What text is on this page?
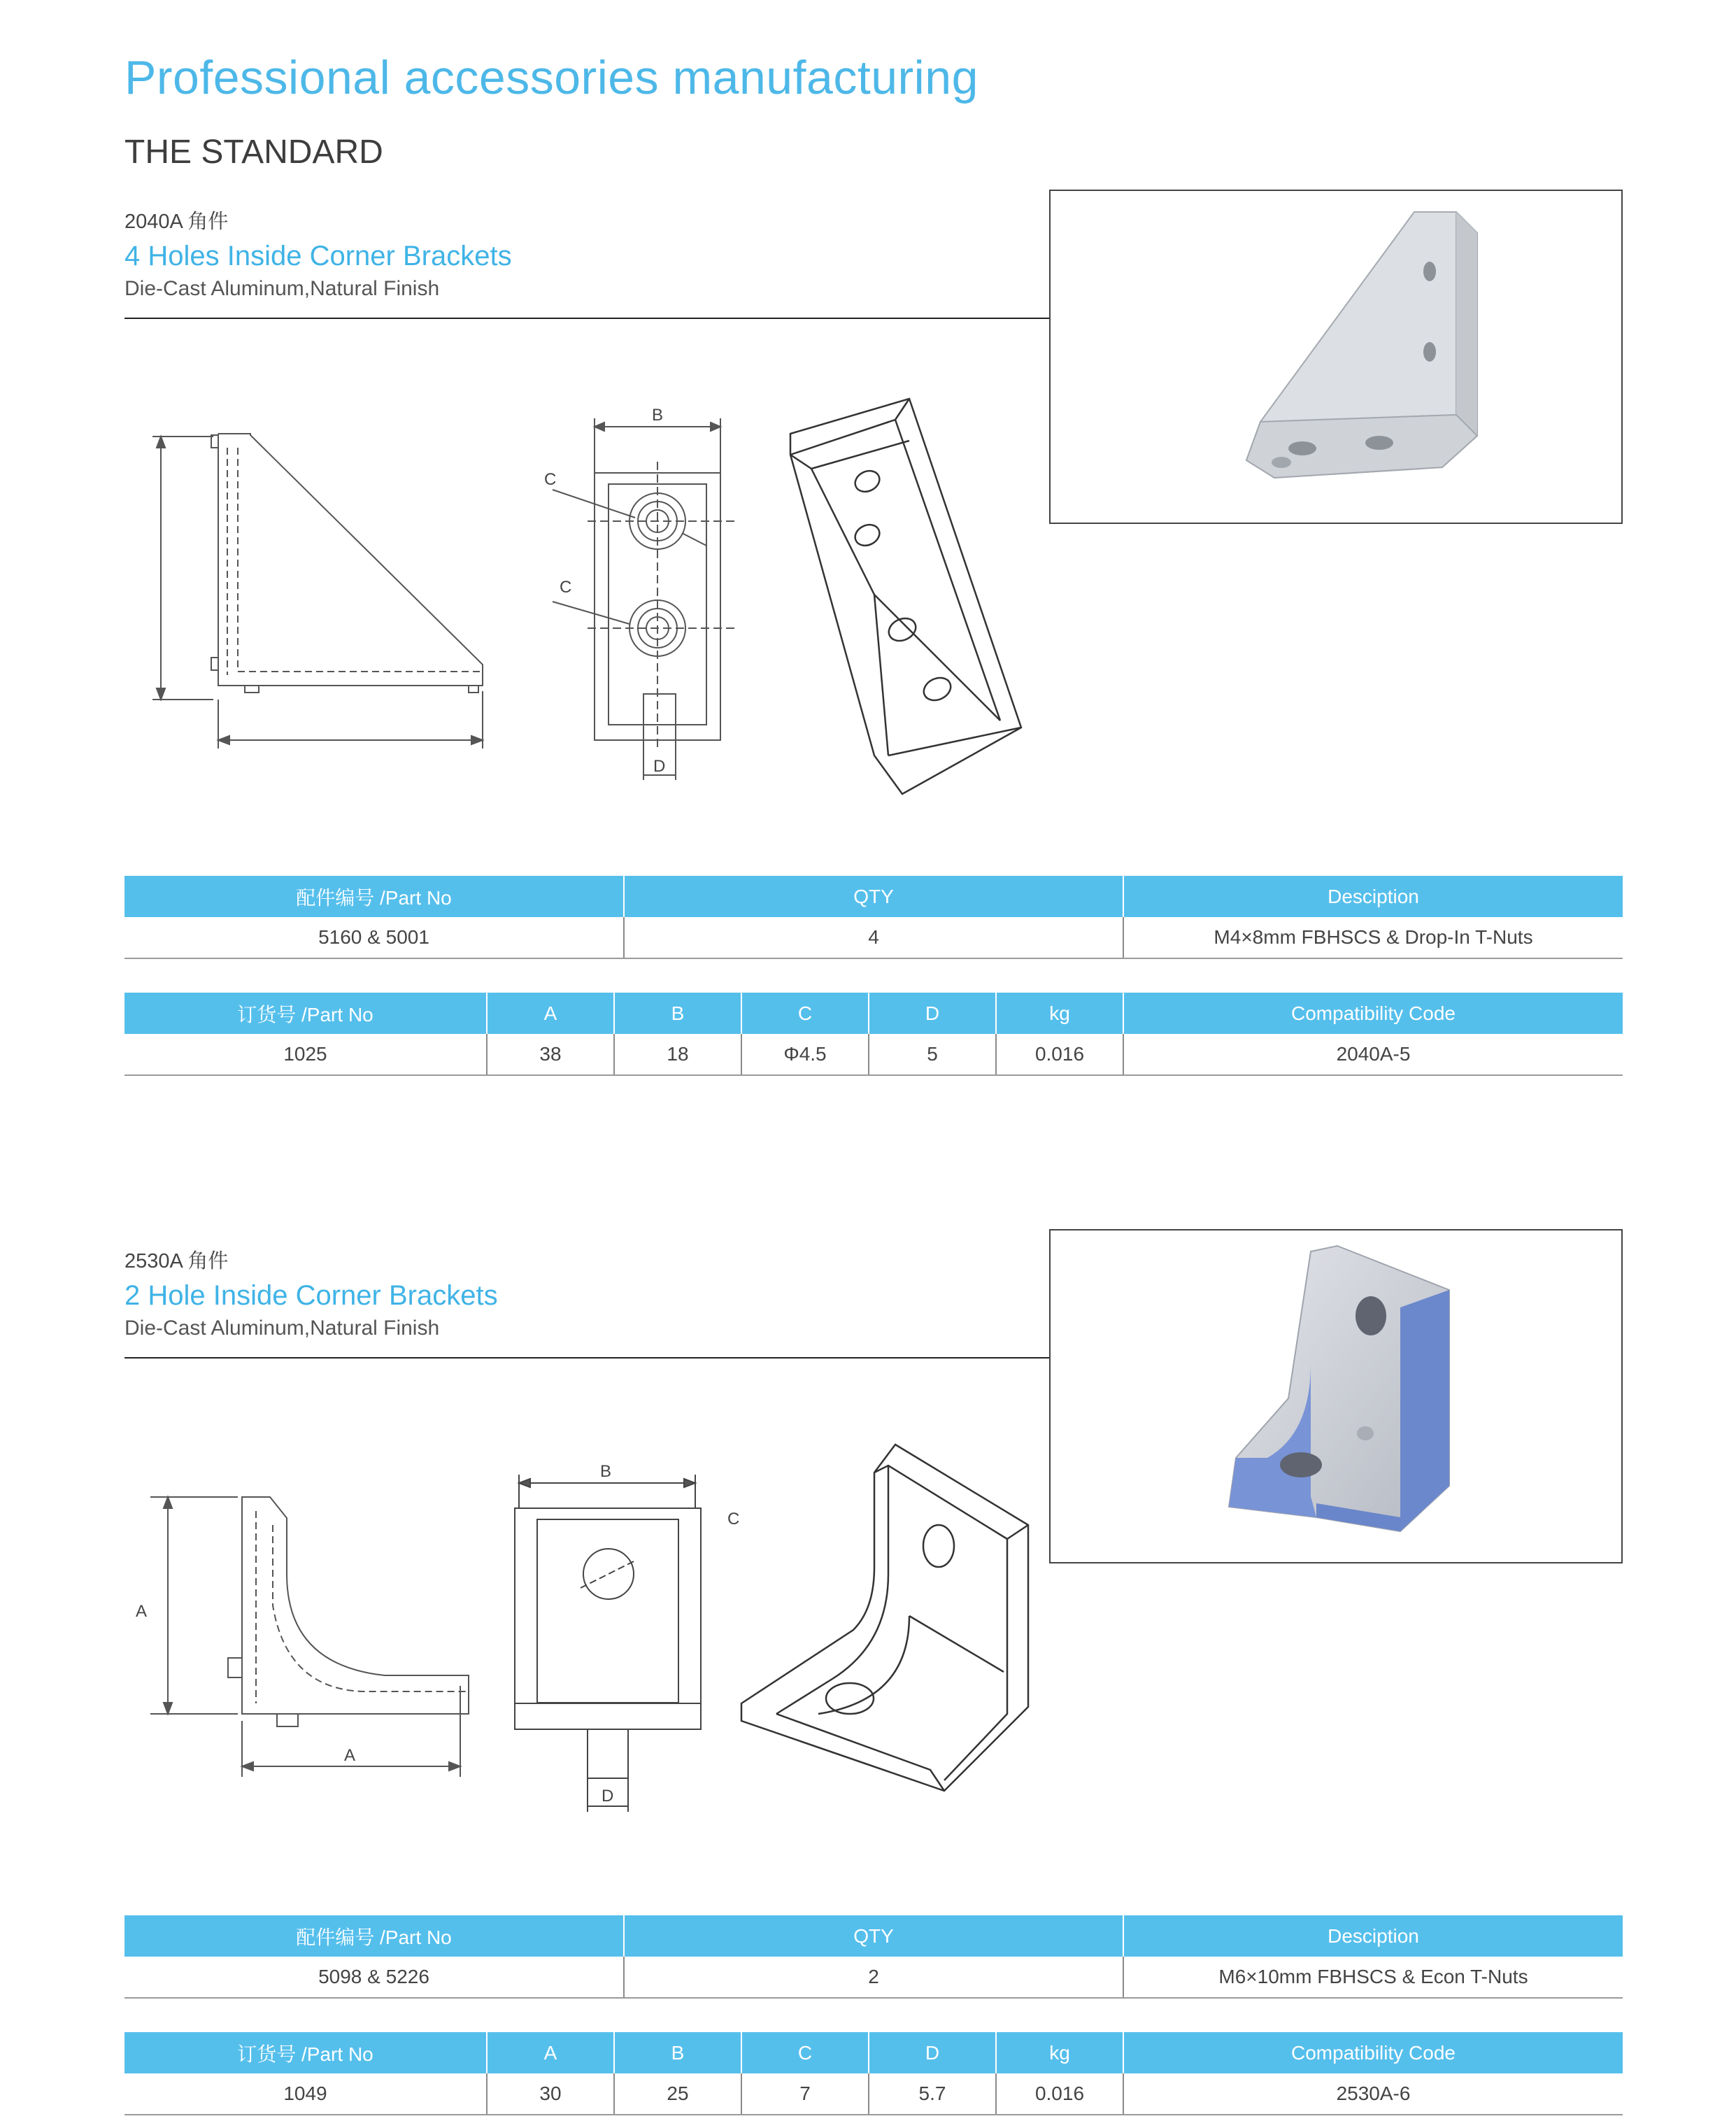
Professional accessories manufacturing
THE STANDARD
2040A 角件
4 Holes Inside Corner Brackets
Die-Cast Aluminum,Natural Finish
B
C
C
D
配件编号 /Part No	QTY	Desciption
5160 & 5001	4	M4×8mm FBHSCS & Drop-In T-Nuts
订货号 /Part No	A	B	C	D	kg	Compatibility Code
1025	38	18	Φ4.5	5	0.016	2040A-5
2530A 角件
2 Hole Inside Corner Brackets
Die-Cast Aluminum,Natural Finish
A
A
B
C
D
配件编号 /Part No	QTY	Desciption
5098 & 5226	2	M6×10mm FBHSCS & Econ T-Nuts
订货号 /Part No	A	B	C	D	kg	Compatibility Code
1049	30	25	7	5.7	0.016	2530A-6
